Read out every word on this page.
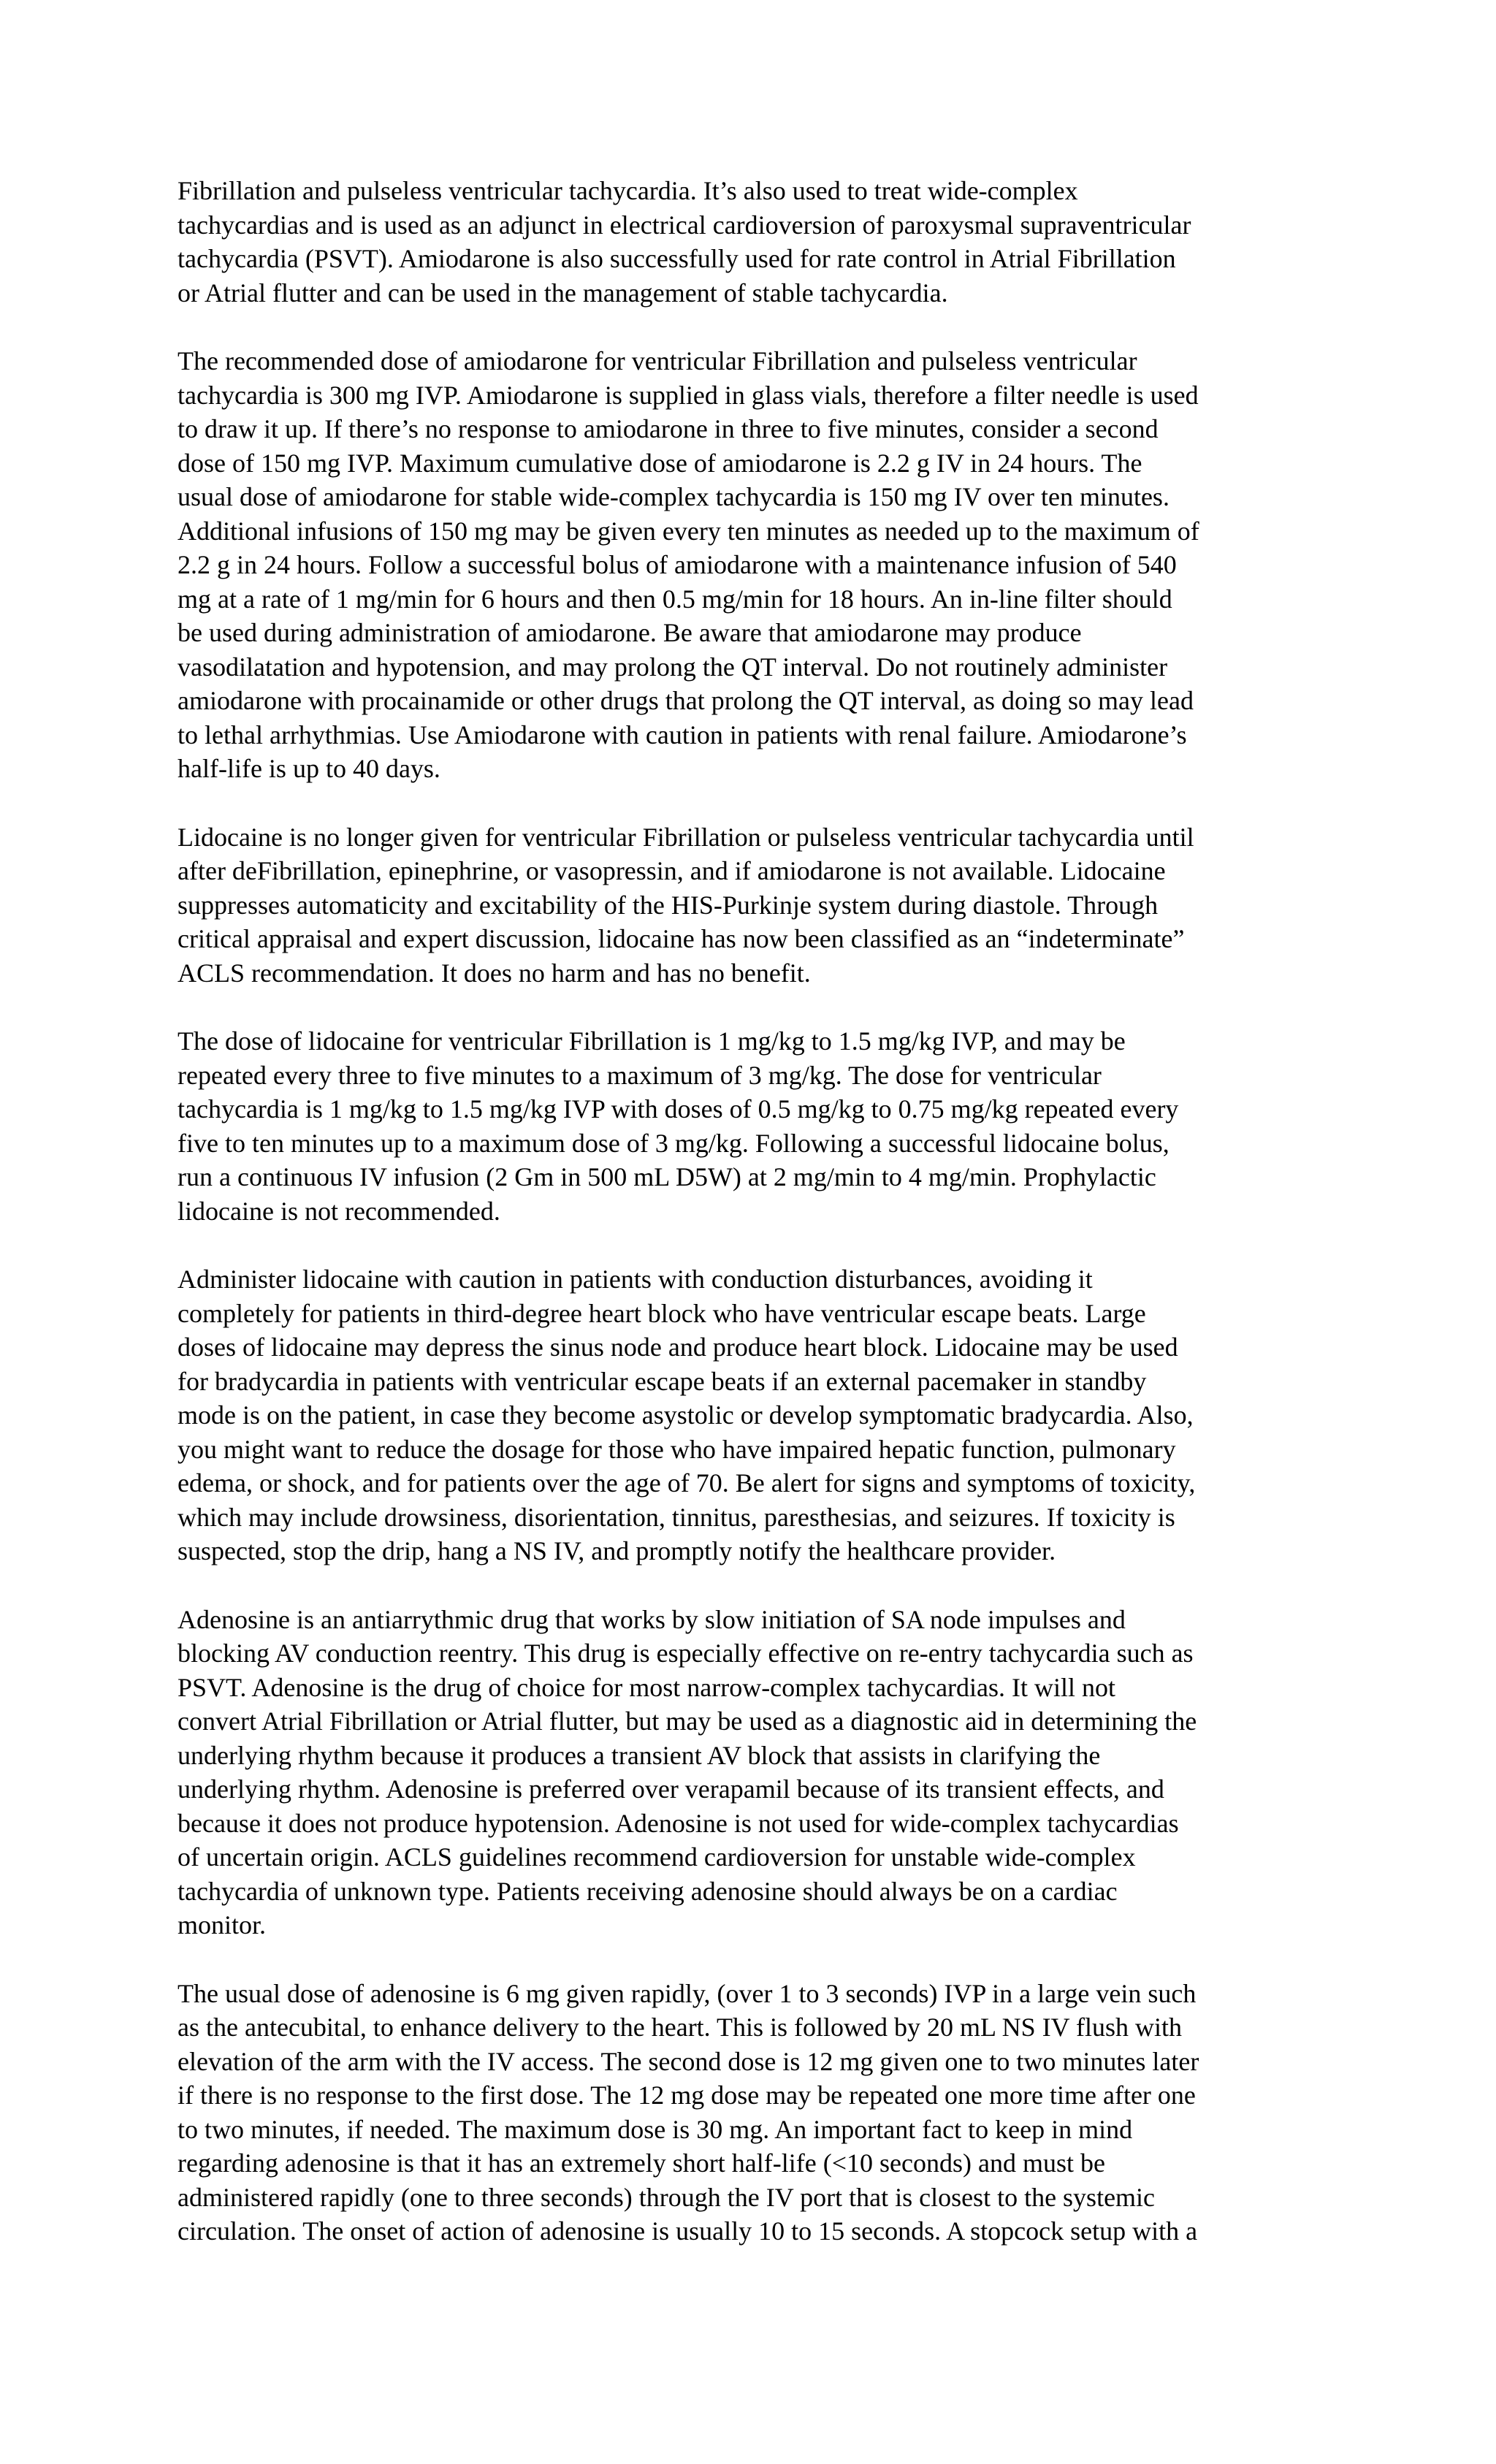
Fibrillation and pulseless ventricular tachycardia. It’s also used to treat wide-complex
tachycardias and is used as an adjunct in electrical cardioversion of paroxysmal supraventricular
tachycardia (PSVT). Amiodarone is also successfully used for rate control in Atrial Fibrillation
or Atrial flutter and can be used in the management of stable tachycardia.

The recommended dose of amiodarone for ventricular Fibrillation and pulseless ventricular
tachycardia is 300 mg IVP. Amiodarone is supplied in glass vials, therefore a filter needle is used
to draw it up. If there’s no response to amiodarone in three to five minutes, consider a second
dose of 150 mg IVP. Maximum cumulative dose of amiodarone is 2.2 g IV in 24 hours. The
usual dose of amiodarone for stable wide-complex tachycardia is 150 mg IV over ten minutes.
Additional infusions of 150 mg may be given every ten minutes as needed up to the maximum of
2.2 g in 24 hours. Follow a successful bolus of amiodarone with a maintenance infusion of 540
mg at a rate of 1 mg/min for 6 hours and then 0.5 mg/min for 18 hours. An in-line filter should
be used during administration of amiodarone. Be aware that amiodarone may produce
vasodilatation and hypotension, and may prolong the QT interval. Do not routinely administer
amiodarone with procainamide or other drugs that prolong the QT interval, as doing so may lead
to lethal arrhythmias. Use Amiodarone with caution in patients with renal failure. Amiodarone’s
half-life is up to 40 days.

Lidocaine is no longer given for ventricular Fibrillation or pulseless ventricular tachycardia until
after deFibrillation, epinephrine, or vasopressin, and if amiodarone is not available. Lidocaine
suppresses automaticity and excitability of the HIS-Purkinje system during diastole. Through
critical appraisal and expert discussion, lidocaine has now been classified as an “indeterminate”
ACLS recommendation. It does no harm and has no benefit.

The dose of lidocaine for ventricular Fibrillation is 1 mg/kg to 1.5 mg/kg IVP, and may be
repeated every three to five minutes to a maximum of 3 mg/kg. The dose for ventricular
tachycardia is 1 mg/kg to 1.5 mg/kg IVP with doses of 0.5 mg/kg to 0.75 mg/kg repeated every
five to ten minutes up to a maximum dose of 3 mg/kg. Following a successful lidocaine bolus,
run a continuous IV infusion (2 Gm in 500 mL D5W) at 2 mg/min to 4 mg/min. Prophylactic
lidocaine is not recommended.

Administer lidocaine with caution in patients with conduction disturbances, avoiding it
completely for patients in third-degree heart block who have ventricular escape beats. Large
doses of lidocaine may depress the sinus node and produce heart block. Lidocaine may be used
for bradycardia in patients with ventricular escape beats if an external pacemaker in standby
mode is on the patient, in case they become asystolic or develop symptomatic bradycardia. Also,
you might want to reduce the dosage for those who have impaired hepatic function, pulmonary
edema, or shock, and for patients over the age of 70. Be alert for signs and symptoms of toxicity,
which may include drowsiness, disorientation, tinnitus, paresthesias, and seizures. If toxicity is
suspected, stop the drip, hang a NS IV, and promptly notify the healthcare provider.

Adenosine is an antiarrythmic drug that works by slow initiation of SA node impulses and
blocking AV conduction reentry. This drug is especially effective on re-entry tachycardia such as
PSVT. Adenosine is the drug of choice for most narrow-complex tachycardias. It will not
convert Atrial Fibrillation or Atrial flutter, but may be used as a diagnostic aid in determining the
underlying rhythm because it produces a transient AV block that assists in clarifying the
underlying rhythm. Adenosine is preferred over verapamil because of its transient effects, and
because it does not produce hypotension. Adenosine is not used for wide-complex tachycardias
of uncertain origin. ACLS guidelines recommend cardioversion for unstable wide-complex
tachycardia of unknown type. Patients receiving adenosine should always be on a cardiac
monitor.

The usual dose of adenosine is 6 mg given rapidly, (over 1 to 3 seconds) IVP in a large vein such
as the antecubital, to enhance delivery to the heart. This is followed by 20 mL NS IV flush with
elevation of the arm with the IV access. The second dose is 12 mg given one to two minutes later
if there is no response to the first dose. The 12 mg dose may be repeated one more time after one
to two minutes, if needed. The maximum dose is 30 mg. An important fact to keep in mind
regarding adenosine is that it has an extremely short half-life (<10 seconds) and must be
administered rapidly (one to three seconds) through the IV port that is closest to the systemic
circulation. The onset of action of adenosine is usually 10 to 15 seconds. A stopcock setup with a
